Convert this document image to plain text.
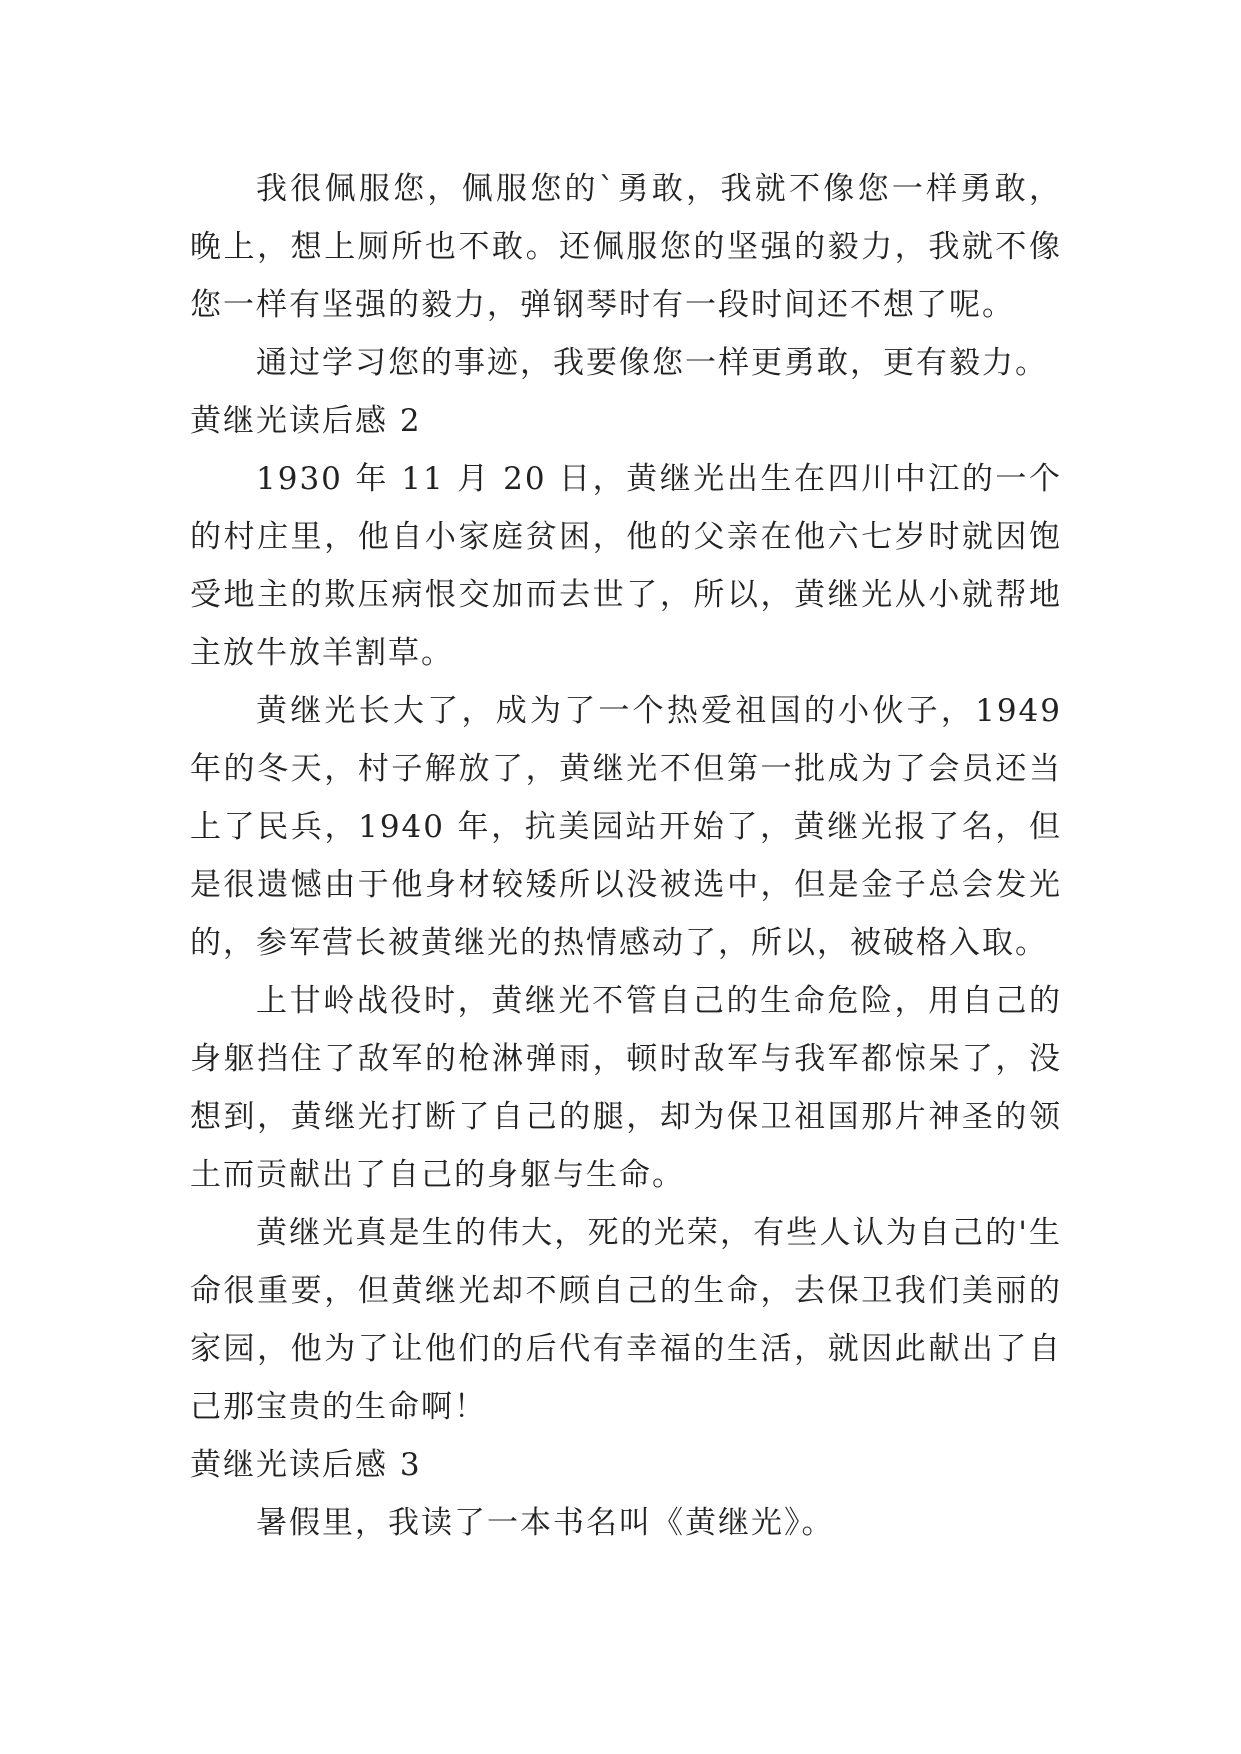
我很佩服您，佩服您的`勇敢，我就不像您一样勇敢，晚上，想上厕所也不敢。还佩服您的坚强的毅力，我就不像您一样有坚强的毅力，弹钢琴时有一段时间还不想了呢。

通过学习您的事迹，我要像您一样更勇敢，更有毅力。

黄继光读后感 2

1930 年 11 月 20 日，黄继光出生在四川中江的一个的村庄里，他自小家庭贫困，他的父亲在他六七岁时就因饱受地主的欺压病恨交加而去世了，所以，黄继光从小就帮地主放牛放羊割草。

黄继光长大了，成为了一个热爱祖国的小伙子，1949 年的冬天，村子解放了，黄继光不但第一批成为了会员还当上了民兵，1940 年，抗美园站开始了，黄继光报了名，但是很遗憾由于他身材较矮所以没被选中，但是金子总会发光的，参军营长被黄继光的热情感动了，所以，被破格入取。

上甘岭战役时，黄继光不管自己的生命危险，用自己的身躯挡住了敌军的枪淋弹雨，顿时敌军与我军都惊呆了，没想到，黄继光打断了自己的腿，却为保卫祖国那片神圣的领土而贡献出了自己的身躯与生命。

黄继光真是生的伟大，死的光荣，有些人认为自己的'生命很重要，但黄继光却不顾自己的生命，去保卫我们美丽的家园，他为了让他们的后代有幸福的生活，就因此献出了自己那宝贵的生命啊！

黄继光读后感 3

暑假里，我读了一本书名叫《黄继光》。
